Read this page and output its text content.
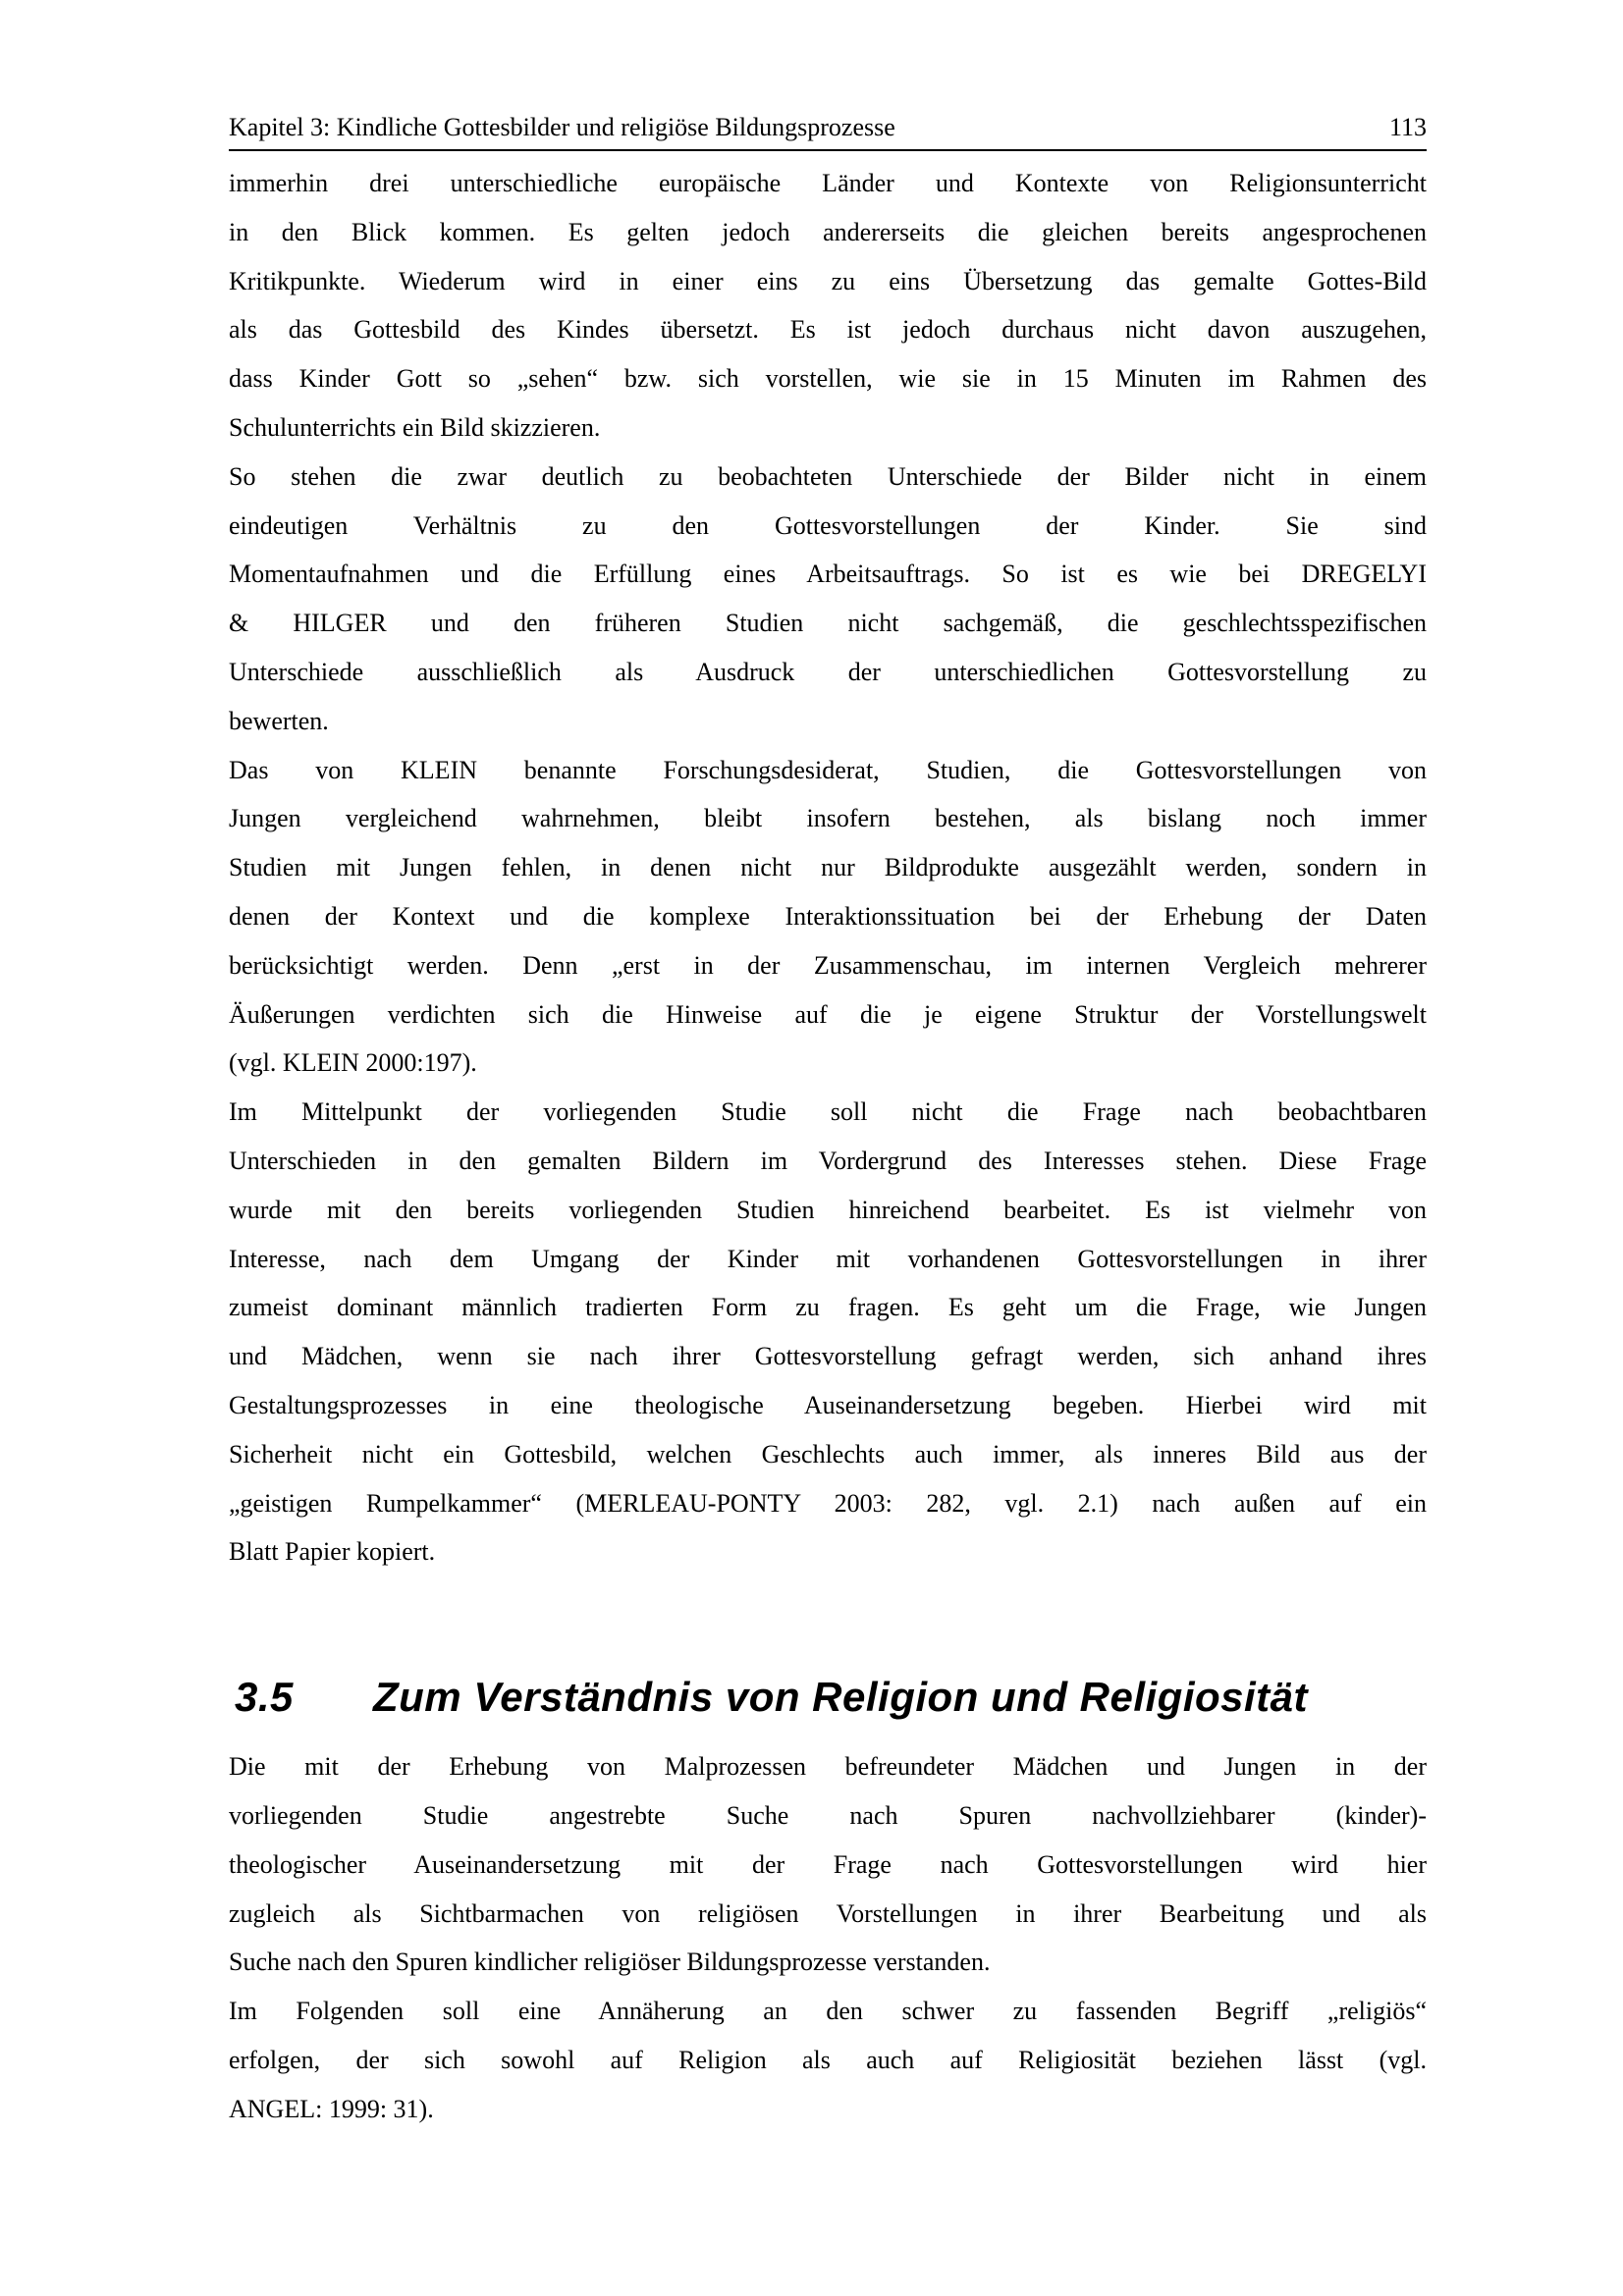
Kapitel 3: Kindliche Gottesbilder und religiöse Bildungsprozesse	113
immerhin drei unterschiedliche europäische Länder und Kontexte von Religionsunterricht
in den Blick kommen. Es gelten jedoch andererseits die gleichen bereits angesprochenen
Kritikpunkte. Wiederum wird in einer eins zu eins Übersetzung das gemalte Gottes-Bild
als das Gottesbild des Kindes übersetzt. Es ist jedoch durchaus nicht davon auszugehen,
dass Kinder Gott so „sehen“ bzw. sich vorstellen, wie sie in 15 Minuten im Rahmen des
Schulunterrichts ein Bild skizzieren.
So stehen die zwar deutlich zu beobachteten Unterschiede der Bilder nicht in einem
eindeutigen Verhältnis zu den Gottesvorstellungen der Kinder. Sie sind
Momentaufnahmen und die Erfüllung eines Arbeitsauftrags. So ist es wie bei DREGELYI
& HILGER und den früheren Studien nicht sachgemäß, die geschlechtsspezifischen
Unterschiede ausschließlich als Ausdruck der unterschiedlichen Gottesvorstellung zu
bewerten.
Das von KLEIN benannte Forschungsdesiderat, Studien, die Gottesvorstellungen von
Jungen vergleichend wahrnehmen, bleibt insofern bestehen, als bislang noch immer
Studien mit Jungen fehlen, in denen nicht nur Bildprodukte ausgezählt werden, sondern in
denen der Kontext und die komplexe Interaktionssituation bei der Erhebung der Daten
berücksichtigt werden. Denn „erst in der Zusammenschau, im internen Vergleich mehrerer
Äußerungen verdichten sich die Hinweise auf die je eigene Struktur der Vorstellungswelt
(vgl. KLEIN 2000:197).
Im Mittelpunkt der vorliegenden Studie soll nicht die Frage nach beobachtbaren
Unterschieden in den gemalten Bildern im Vordergrund des Interesses stehen. Diese Frage
wurde mit den bereits vorliegenden Studien hinreichend bearbeitet. Es ist vielmehr von
Interesse, nach dem Umgang der Kinder mit vorhandenen Gottesvorstellungen in ihrer
zumeist dominant männlich tradierten Form zu fragen. Es geht um die Frage, wie Jungen
und Mädchen, wenn sie nach ihrer Gottesvorstellung gefragt werden, sich anhand ihres
Gestaltungsprozesses in eine theologische Auseinandersetzung begeben. Hierbei wird mit
Sicherheit nicht ein Gottesbild, welchen Geschlechts auch immer, als inneres Bild aus der
„geistigen Rumpelkammer“ (MERLEAU-PONTY 2003: 282, vgl. 2.1) nach außen auf ein
Blatt Papier kopiert.
3.5	Zum Verständnis von Religion und Religiosität
Die mit der Erhebung von Malprozessen befreundeter Mädchen und Jungen in der
vorliegenden Studie angestrebte Suche nach Spuren nachvollziehbarer (kinder)-
theologischer Auseinandersetzung mit der Frage nach Gottesvorstellungen wird hier
zugleich als Sichtbarmachen von religiösen Vorstellungen in ihrer Bearbeitung und als
Suche nach den Spuren kindlicher religiöser Bildungsprozesse verstanden.
Im Folgenden soll eine Annäherung an den schwer zu fassenden Begriff „religiös“
erfolgen, der sich sowohl auf Religion als auch auf Religiosität beziehen lässt (vgl.
ANGEL: 1999: 31).
